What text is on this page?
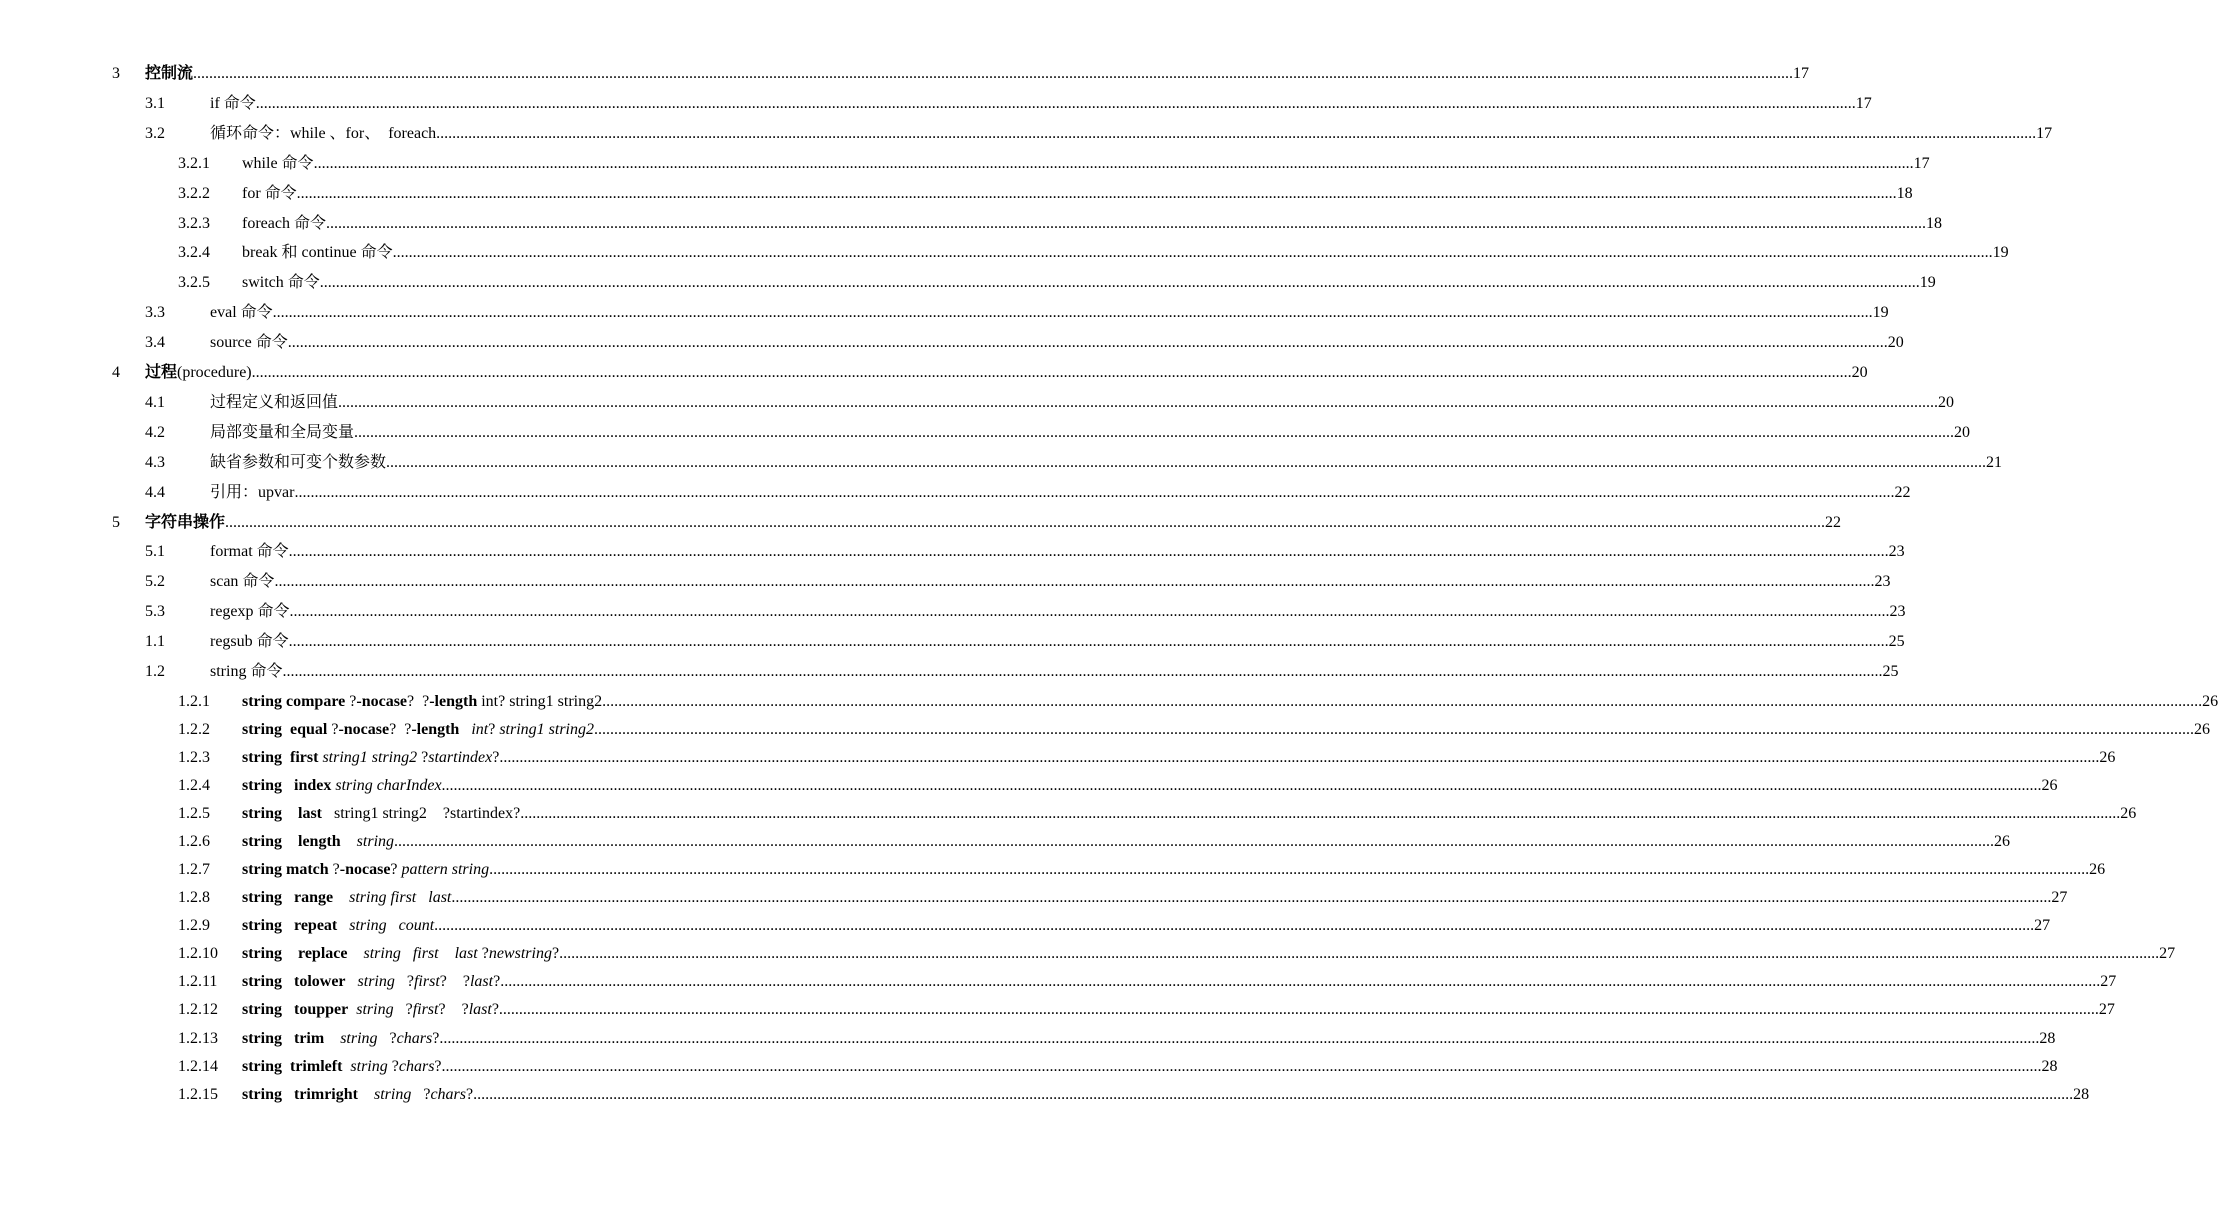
3 控制流 ................................................................................................................................................................................................................................................................................................................................................................................................................ 17
3.1	if 命令 ................................................................................................................................................................................................................................................................................................................................................................................................................ 17
3.2	循环命令：while 、for、  foreach ................................................................................................................................................................................................................................................................................................................................................................................................................ 17
3.2.1 while 命令 ................................................................................................................................................................................................................................................................................................................................................................................................................ 17
3.2.2 for 命令 ................................................................................................................................................................................................................................................................................................................................................................................................................ 18
3.2.3 foreach 命令 ................................................................................................................................................................................................................................................................................................................................................................................................................ 18
3.2.4 break 和 continue 命令 ................................................................................................................................................................................................................................................................................................................................................................................................................ 19
3.2.5 switch 命令 ................................................................................................................................................................................................................................................................................................................................................................................................................ 19
3.3	eval 命令 ................................................................................................................................................................................................................................................................................................................................................................................................................ 19
3.4	source 命令 ................................................................................................................................................................................................................................................................................................................................................................................................................ 20
4 过程(procedure) ................................................................................................................................................................................................................................................................................................................................................................................................................ 20
4.1	过程定义和返回值 ................................................................................................................................................................................................................................................................................................................................................................................................................ 20
4.2	局部变量和全局变量 ................................................................................................................................................................................................................................................................................................................................................................................................................ 20
4.3	缺省参数和可变个数参数 ................................................................................................................................................................................................................................................................................................................................................................................................................ 21
4.4	引用：upvar ................................................................................................................................................................................................................................................................................................................................................................................................................ 22
5 字符串操作 ................................................................................................................................................................................................................................................................................................................................................................................................................ 22
5.1	format 命令 ................................................................................................................................................................................................................................................................................................................................................................................................................ 23
5.2	scan 命令 ................................................................................................................................................................................................................................................................................................................................................................................................................ 23
5.3	regexp 命令 ................................................................................................................................................................................................................................................................................................................................................................................................................ 23
1.1	regsub 命令 ................................................................................................................................................................................................................................................................................................................................................................................................................ 25
1.2	string 命令 ................................................................................................................................................................................................................................................................................................................................................................................................................ 25
1.2.1 string compare ?-nocase?  ?-length int? string1 string2 ................................................................................................................................................................................................................................................................................................................................................................................................................ 26
1.2.2 string  equal ?-nocase?  ?-length int? string1 string2 ................................................................................................................................................................................................................................................................................................................................................................................................................ 26
1.2.3 string  first string1 string2 ?startindex? ................................................................................................................................................................................................................................................................................................................................................................................................................ 26
1.2.4 string   index string charIndex ................................................................................................................................................................................................................................................................................................................................................................................................................ 26
1.2.5 string    last   string1 string2    ?startindex? ................................................................................................................................................................................................................................................................................................................................................................................................................ 26
1.2.6 string    length string ................................................................................................................................................................................................................................................................................................................................................................................................................ 26
1.2.7 string match ?-nocase? pattern string ................................................................................................................................................................................................................................................................................................................................................................................................................ 26
1.2.8 string   range string first   last ................................................................................................................................................................................................................................................................................................................................................................................................................ 27
1.2.9 string   repeat string   count ................................................................................................................................................................................................................................................................................................................................................................................................................ 27
1.2.10 string    replace string   first    last ?newstring? ................................................................................................................................................................................................................................................................................................................................................................................................................ 27
1.2.11 string   tolower string   ?first?    ?last? ................................................................................................................................................................................................................................................................................................................................................................................................................ 27
1.2.12 string   toupper string   ?first?    ?last? ................................................................................................................................................................................................................................................................................................................................................................................................................ 27
1.2.13 string   trim string   ?chars? ................................................................................................................................................................................................................................................................................................................................................................................................................ 28
1.2.14 string  trimleft string ?chars? ................................................................................................................................................................................................................................................................................................................................................................................................................ 28
1.2.15 string   trimright string   ?chars? ................................................................................................................................................................................................................................................................................................................................................................................................................ 28
